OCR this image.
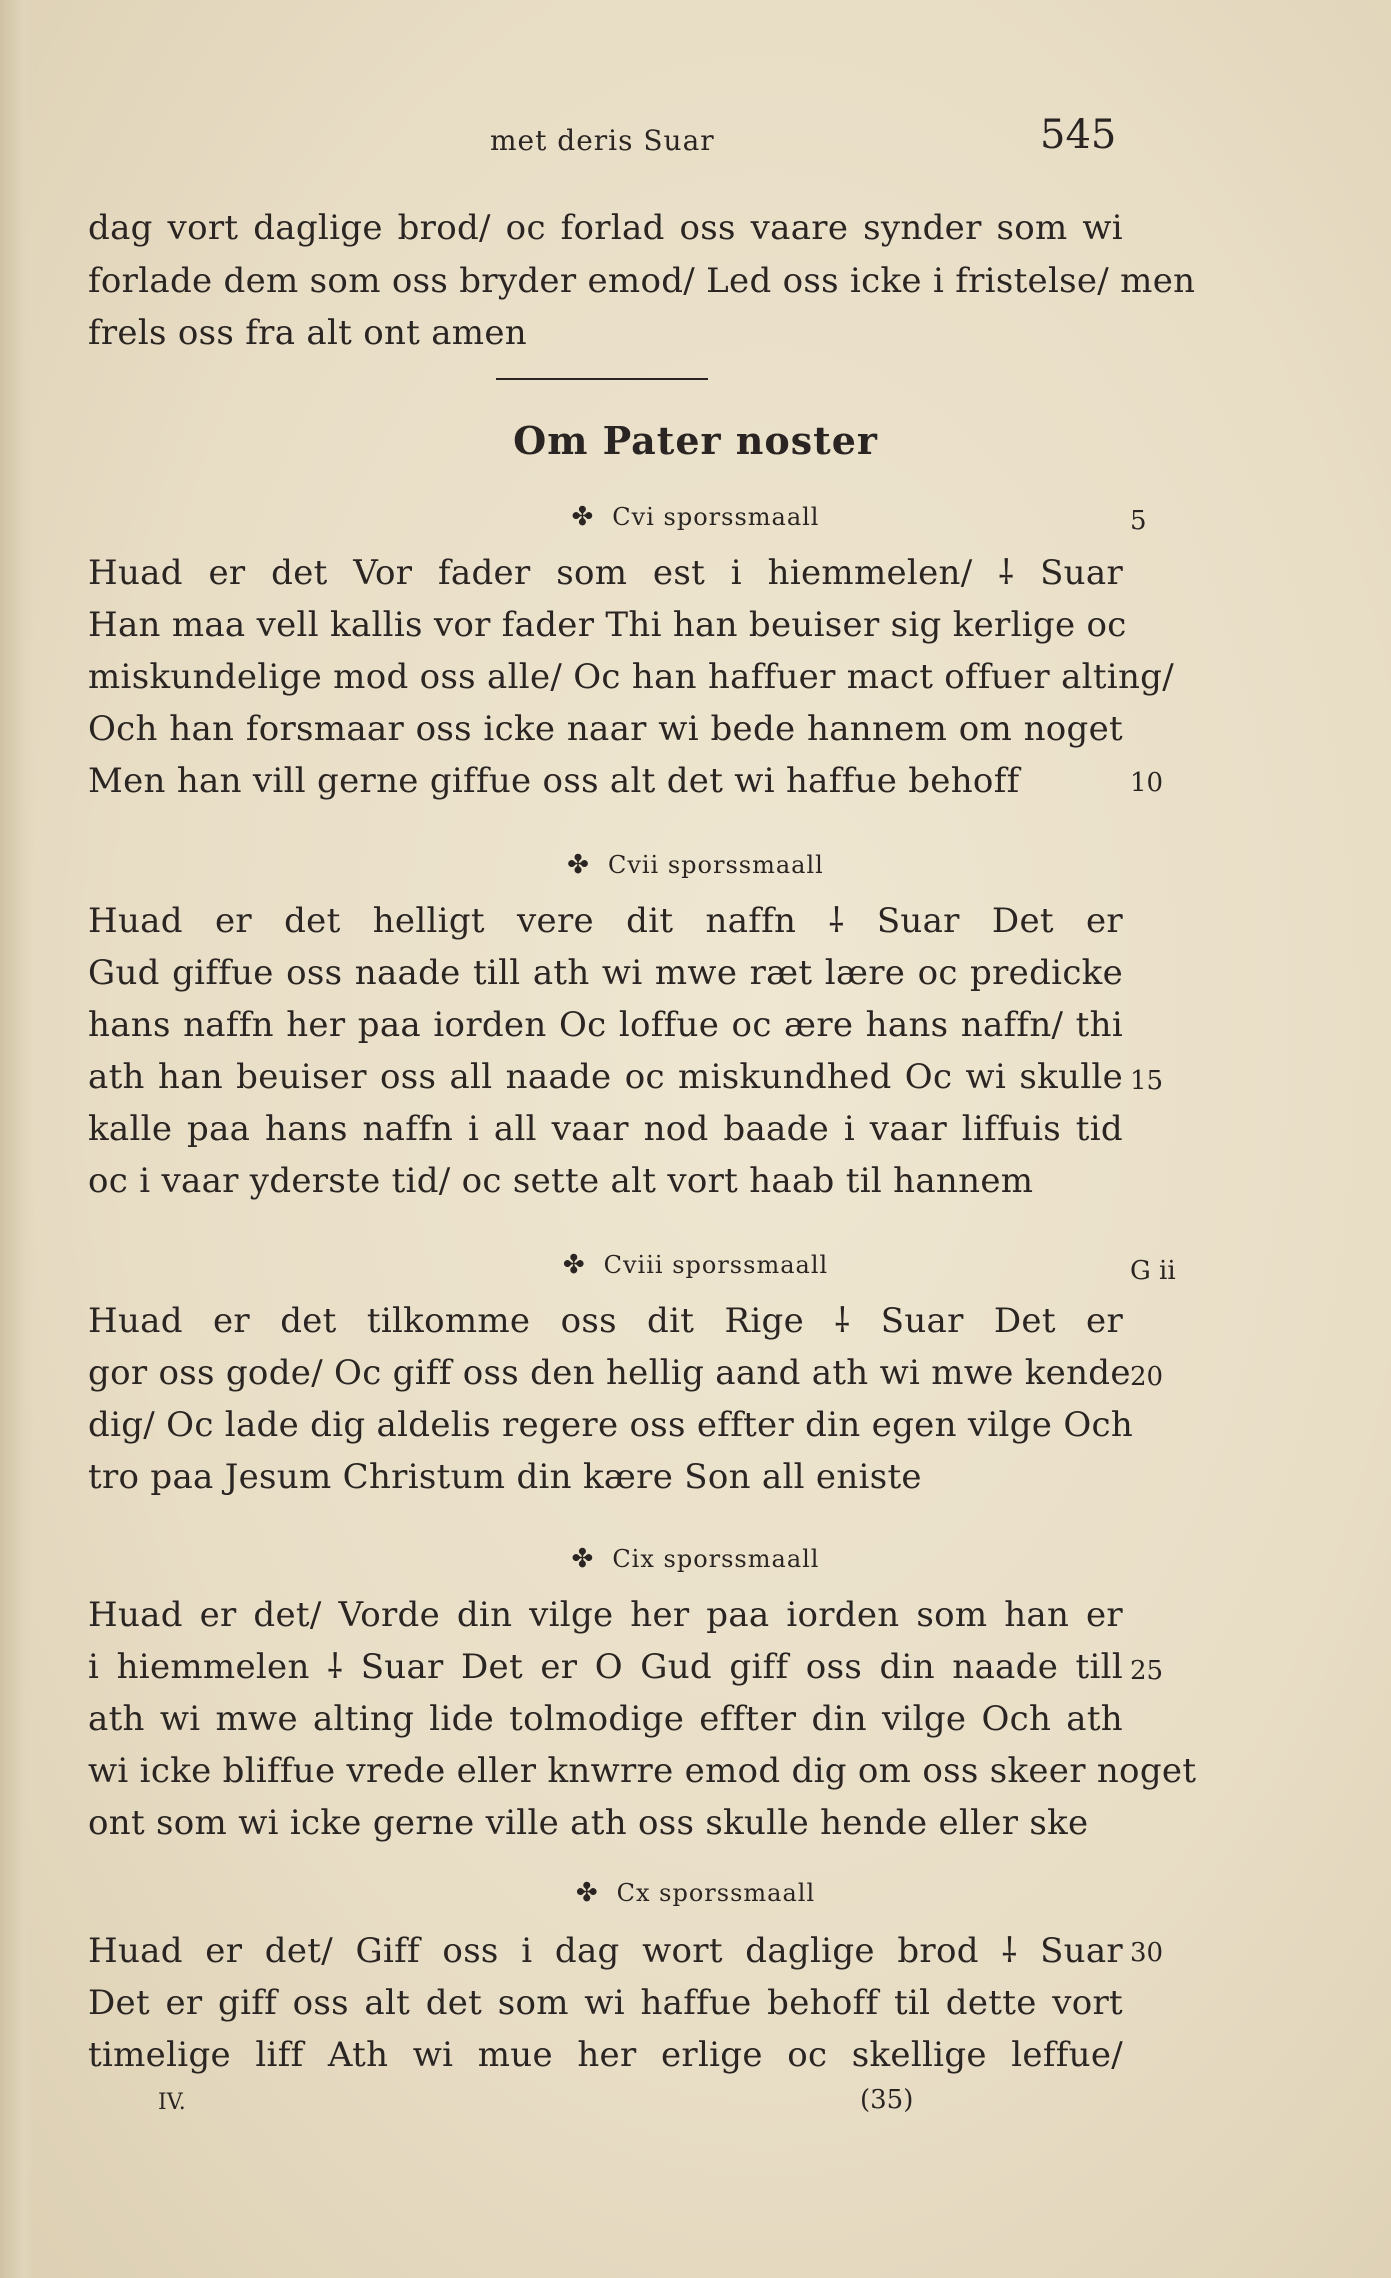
met deris Suar	545
dag vort daglige brod/ oc forlad oss vaare synder som wi
forlade dem som oss bryder emod/ Led oss icke i fristelse/ men
frels oss fra alt ont amen
Om Pater noster
✤ Cvi sporssmaall	5
Huad er det Vor fader som est i hiemmelen/ ⸸ Suar
Han maa vell kallis vor fader Thi han beuiser sig kerlige oc
miskundelige mod oss alle/ Oc han haffuer mact offuer alting/
Och han forsmaar oss icke naar wi bede hannem om noget
Men han vill gerne giffue oss alt det wi haffue behoff	10
✤ Cvii sporssmaall
Huad er det helligt vere dit naffn ⸸ Suar Det er
Gud giffue oss naade till ath wi mwe ræt lære oc predicke
hans naffn her paa iorden Oc loffue oc ære hans naffn/ thi
ath han beuiser oss all naade oc miskundhed Oc wi skulle 15
kalle paa hans naffn i all vaar nod baade i vaar liffuis tid
oc i vaar yderste tid/ oc sette alt vort haab til hannem
✤ Cviii sporssmaall	G ii
Huad er det tilkomme oss dit Rige ⸸ Suar Det er
gor oss gode/ Oc giff oss den hellig aand ath wi mwe kende 20
dig/ Oc lade dig aldelis regere oss effter din egen vilge Och
tro paa Jesum Christum din kære Son all eniste
✤ Cix sporssmaall
Huad er det/ Vorde din vilge her paa iorden som han er
i hiemmelen ⸸ Suar Det er O Gud giff oss din naade till 25
ath wi mwe alting lide tolmodige effter din vilge Och ath
wi icke bliffue vrede eller knwrre emod dig om oss skeer noget
ont som wi icke gerne ville ath oss skulle hende eller ske
✤ Cx sporssmaall
Huad er det/ Giff oss i dag wort daglige brod ⸸ Suar 30
Det er giff oss alt det som wi haffue behoff til dette vort
timelige liff Ath wi mue her erlige oc skellige leffue/
IV.	(35)
